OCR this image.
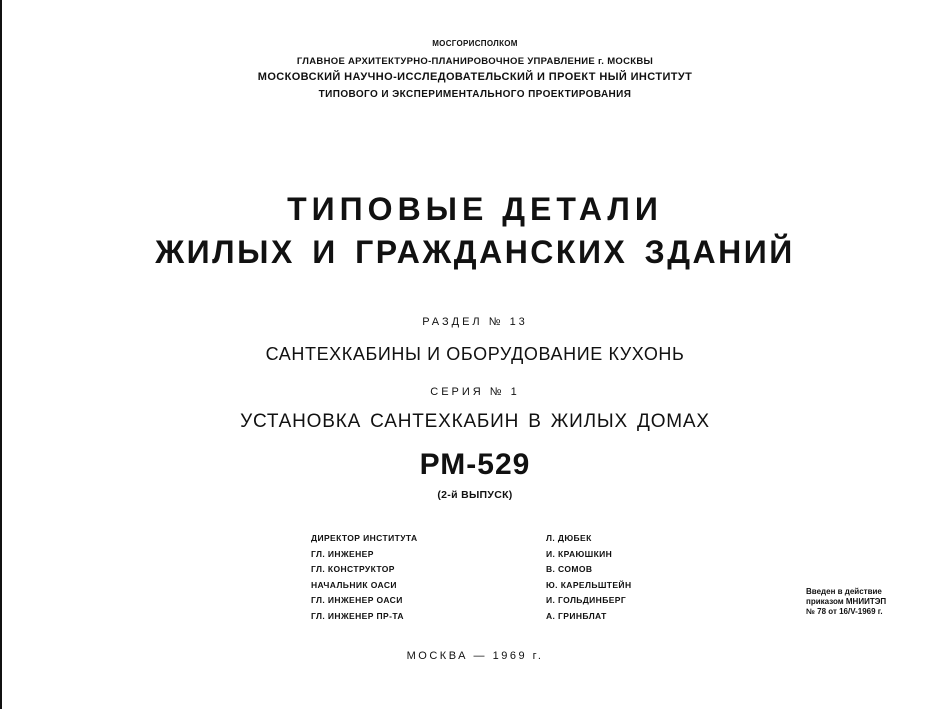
МОСГОРИСПОЛКОМ
ГЛАВНОЕ АРХИТЕКТУРНО-ПЛАНИРОВОЧНОЕ УПРАВЛЕНИЕ г. МОСКВЫ
МОСКОВСКИЙ НАУЧНО-ИССЛЕДОВАТЕЛЬСКИЙ И ПРОЕКТ НЫЙ ИНСТИТУТ
ТИПОВОГО И ЭКСПЕРИМЕНТАЛЬНОГО ПРОЕКТИРОВАНИЯ
ТИПОВЫЕ ДЕТАЛИ
ЖИЛЫХ И ГРАЖДАНСКИХ ЗДАНИЙ
РАЗДЕЛ № 13
САНТЕХКАБИНЫ И ОБОРУДОВАНИЕ КУХОНЬ
СЕРИЯ № 1
УСТАНОВКА САНТЕХКАБИН В ЖИЛЫХ ДОМАХ
РМ-529
(2-й ВЫПУСК)
ДИРЕКТОР ИНСТИТУТА
ГЛ. ИНЖЕНЕР
ГЛ. КОНСТРУКТОР
НАЧАЛЬНИК ОАСИ
ГЛ. ИНЖЕНЕР ОАСИ
ГЛ. ИНЖЕНЕР ПР-ТА
Л. ДЮБЕК
И. КРАЮШКИН
В. СОМОВ
Ю. КАРЕЛЬШТЕЙН
И. ГОЛЬДИНБЕРГ
А. ГРИНБЛАТ
Введен в действие
приказом МНИИТЭП
№ 78 от 16/V-1969 г.
МОСКВА — 1969 г.
